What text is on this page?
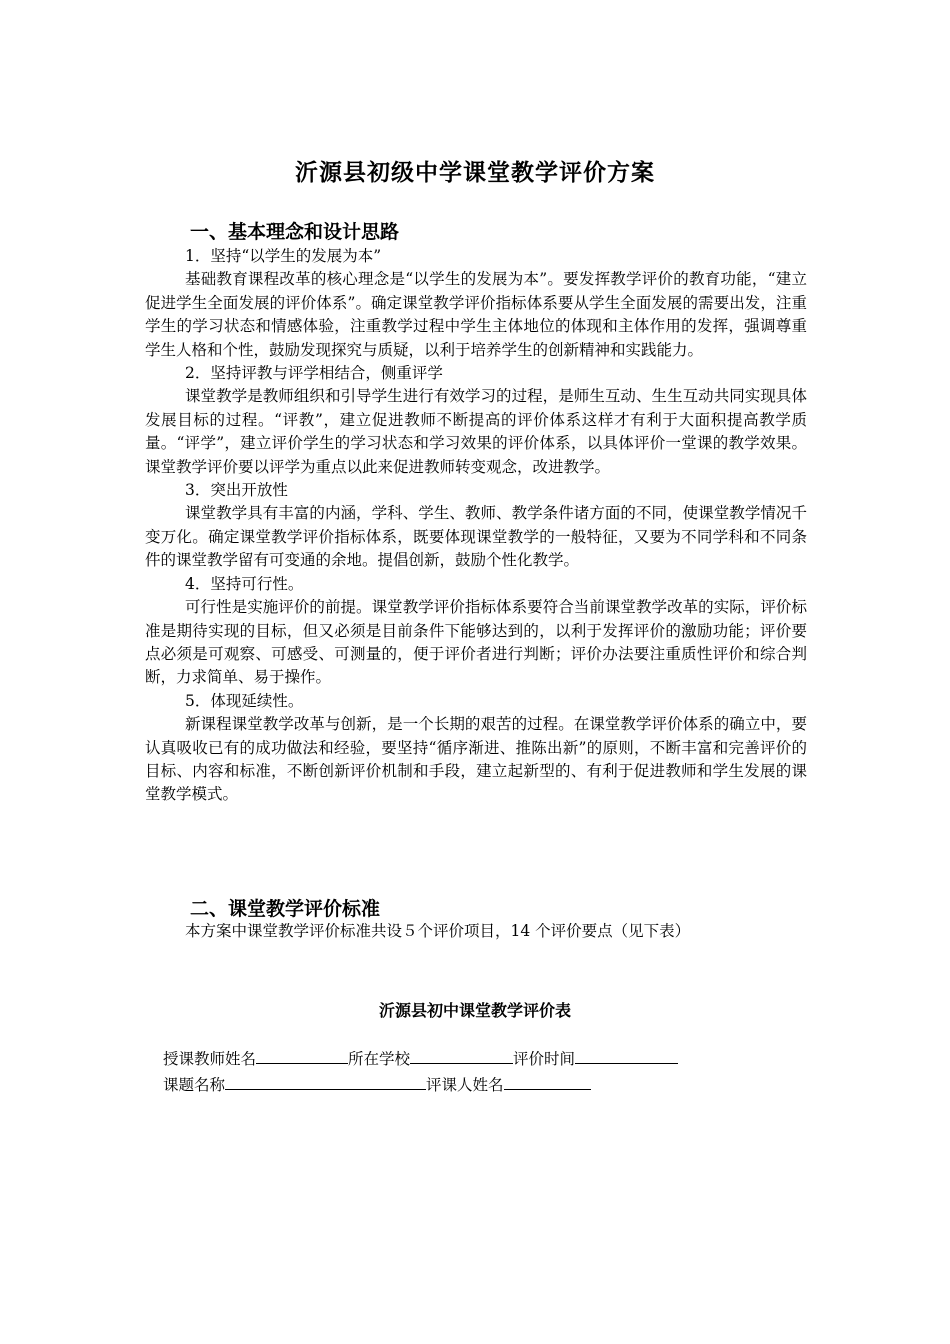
沂源县初级中学课堂教学评价方案
一、基本理念和设计思路

1．坚持“以学生的发展为本”

基础教育课程改革的核心理念是“以学生的发展为本”。要发挥教学评价的教育功能，“建立促进学生全面发展的评价体系”。确定课堂教学评价指标体系要从学生全面发展的需要出发，注重学生的学习状态和情感体验，注重教学过程中学生主体地位的体现和主体作用的发挥，强调尊重学生人格和个性，鼓励发现探究与质疑，以利于培养学生的创新精神和实践能力。

2．坚持评教与评学相结合，侧重评学

课堂教学是教师组织和引导学生进行有效学习的过程，是师生互动、生生互动共同实现具体发展目标的过程。“评教”，建立促进教师不断提高的评价体系这样才有利于大面积提高教学质量。“评学”，建立评价学生的学习状态和学习效果的评价体系，以具体评价一堂课的教学效果。课堂教学评价要以评学为重点以此来促进教师转变观念，改进教学。

3．突出开放性

课堂教学具有丰富的内涵，学科、学生、教师、教学条件诸方面的不同，使课堂教学情况千变万化。确定课堂教学评价指标体系，既要体现课堂教学的一般特征，又要为不同学科和不同条件的课堂教学留有可变通的余地。提倡创新，鼓励个性化教学。

4．坚持可行性。

可行性是实施评价的前提。课堂教学评价指标体系要符合当前课堂教学改革的实际，评价标准是期待实现的目标，但又必须是目前条件下能够达到的，以利于发挥评价的激励功能；评价要点必须是可观察、可感受、可测量的，便于评价者进行判断；评价办法要注重质性评价和综合判断，力求简单、易于操作。

5．体现延续性。

新课程课堂教学改革与创新，是一个长期的艰苦的过程。在课堂教学评价体系的确立中，要认真吸收已有的成功做法和经验，要坚持“循序渐进、推陈出新”的原则，不断丰富和完善评价的目标、内容和标准，不断创新评价机制和手段，建立起新型的、有利于促进教师和学生发展的课堂教学模式。

二、课堂教学评价标准
本方案中课堂教学评价标准共设５个评价项目，14 个评价要点（见下表）
沂源县初中课堂教学评价表
授课教师姓名	所在学校	评价时间
课题名称	评课人姓名
